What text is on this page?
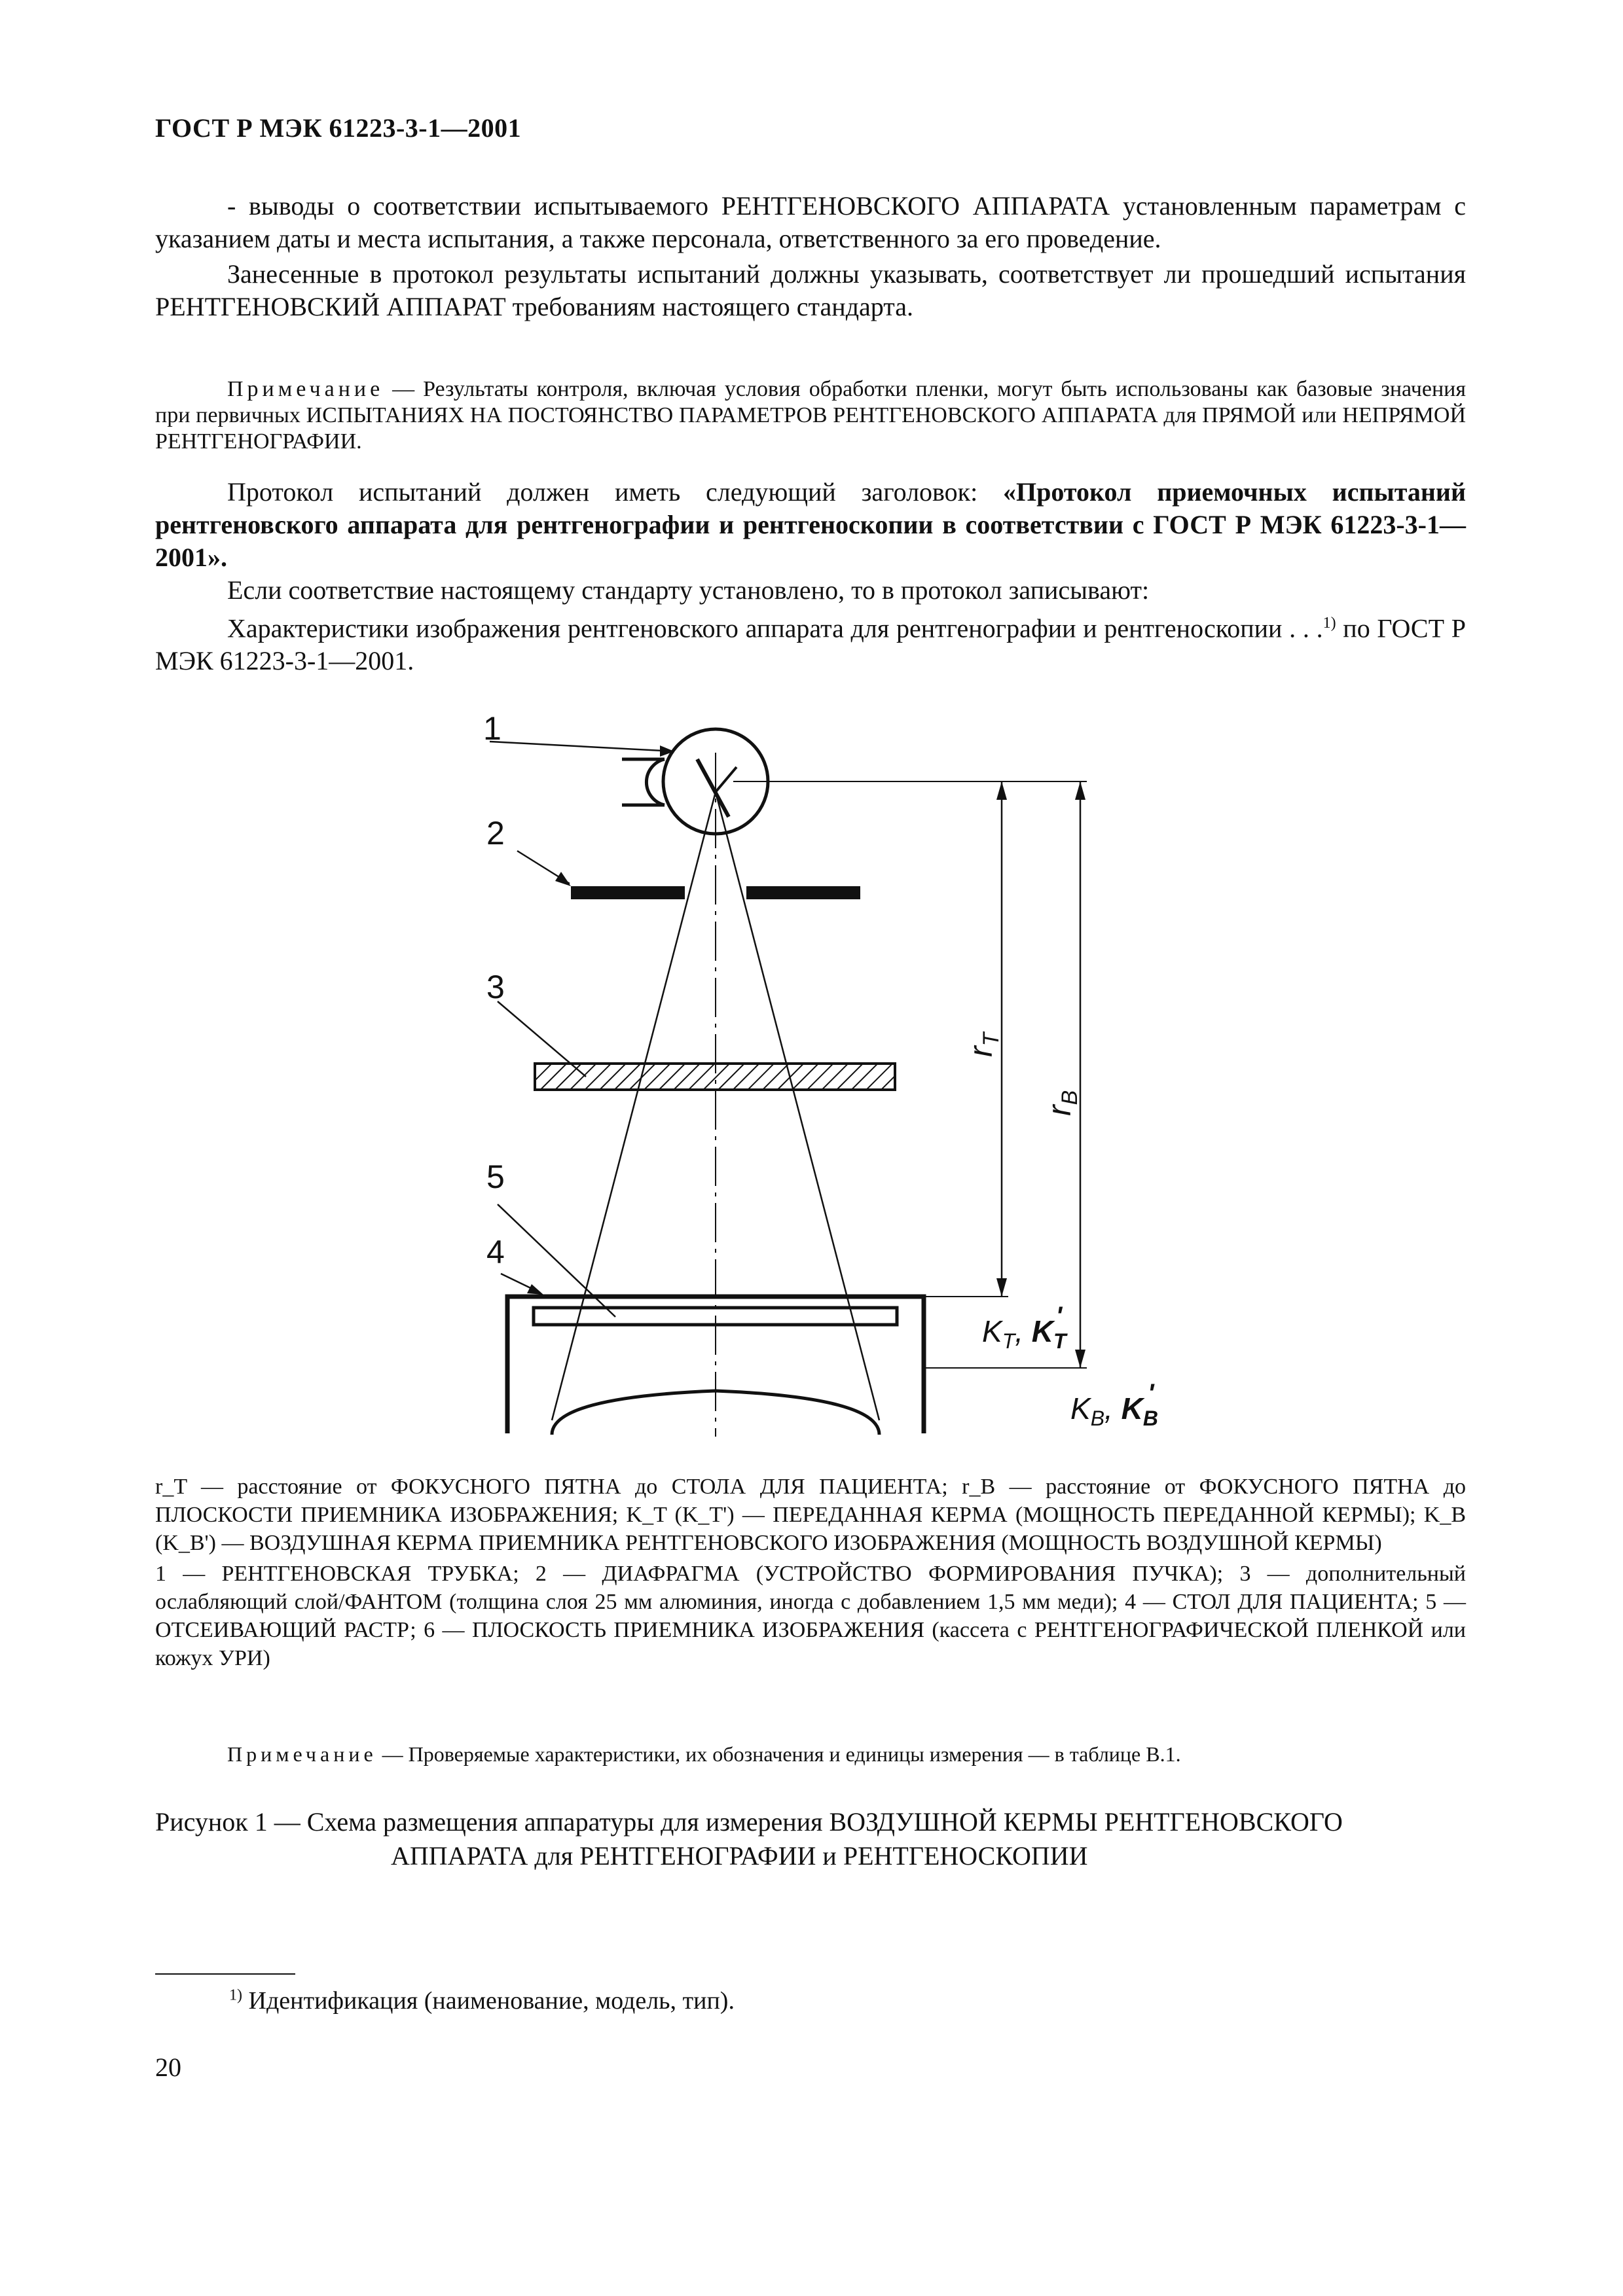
ГОСТ Р МЭК 61223-3-1—2001

- выводы о соответствии испытываемого РЕНТГЕНОВСКОГО АППАРАТА установленным параметрам с указанием даты и места испытания, а также персонала, ответственного за его проведение.

Занесенные в протокол результаты испытаний должны указывать, соответствует ли прошедший испытания РЕНТГЕНОВСКИЙ АППАРАТ требованиям настоящего стандарта.

Примечание — Результаты контроля, включая условия обработки пленки, могут быть использованы как базовые значения при первичных ИСПЫТАНИЯХ НА ПОСТОЯНСТВО ПАРАМЕТРОВ РЕНТГЕНОВСКОГО АППАРАТА для ПРЯМОЙ или НЕПРЯМОЙ РЕНТГЕНОГРАФИИ.

Протокол испытаний должен иметь следующий заголовок: «Протокол приемочных испытаний рентгеновского аппарата для рентгенографии и рентгеноскопии в соответствии с ГОСТ Р МЭК 61223-3-1—2001».

Если соответствие настоящему стандарту установлено, то в протокол записывают:

Характеристики изображения рентгеновского аппарата для рентгенографии и рентгеноскопии . . .$^{1)}$ по ГОСТ Р МЭК 61223-3-1—2001.

1
2
3
5
4
$r_T$
$r_B$
$K_T$, $K_T'$
$K_B$, $K_B'$

r_T — расстояние от ФОКУСНОГО ПЯТНА до СТОЛА ДЛЯ ПАЦИЕНТА; r_B — расстояние от ФОКУСНОГО ПЯТНА до ПЛОСКОСТИ ПРИЕМНИКА ИЗОБРАЖЕНИЯ; K_T (K_T') — ПЕРЕДАННАЯ КЕРМА (МОЩНОСТЬ ПЕРЕДАННОЙ КЕРМЫ); K_B (K_B') — ВОЗДУШНАЯ КЕРМА ПРИЕМНИКА РЕНТГЕНОВСКОГО ИЗОБРАЖЕНИЯ (МОЩНОСТЬ ВОЗДУШНОЙ КЕРМЫ)

1 — РЕНТГЕНОВСКАЯ ТРУБКА; 2 — ДИАФРАГМА (УСТРОЙСТВО ФОРМИРОВАНИЯ ПУЧКА); 3 — дополнительный ослабляющий слой/ФАНТОМ (толщина слоя 25 мм алюминия, иногда с добавлением 1,5 мм меди); 4 — СТОЛ ДЛЯ ПАЦИЕНТА; 5 — ОТСЕИВАЮЩИЙ РАСТР; 6 — ПЛОСКОСТЬ ПРИЕМНИКА ИЗОБРАЖЕНИЯ (кассета с РЕНТГЕНОГРАФИЧЕСКОЙ ПЛЕНКОЙ или кожух УРИ)

Примечание — Проверяемые характеристики, их обозначения и единицы измерения — в таблице В.1.
Рисунок 1 — Схема размещения аппаратуры для измерения ВОЗДУШНОЙ КЕРМЫ РЕНТГЕНОВСКОГО
АППАРАТА для РЕНТГЕНОГРАФИИ и РЕНТГЕНОСКОПИИ
$^{1)}$ Идентификация (наименование, модель, тип).
20
